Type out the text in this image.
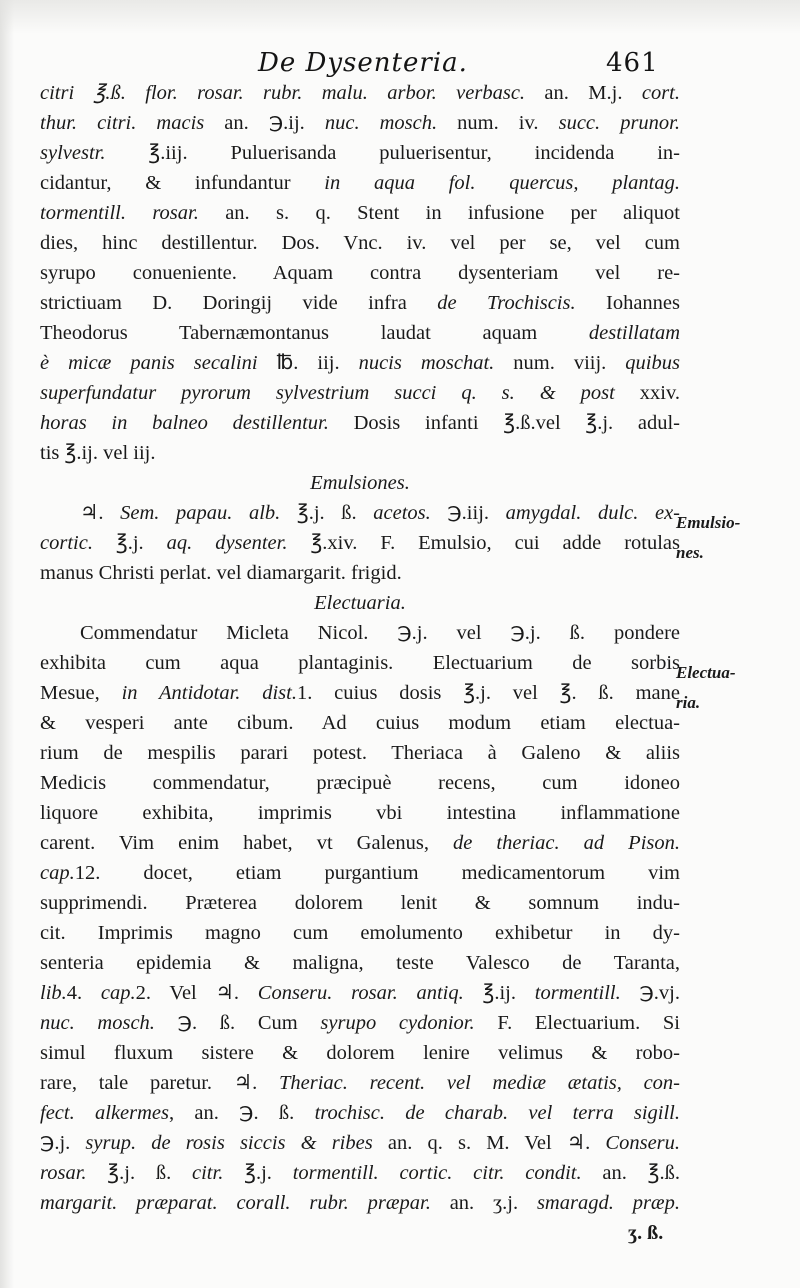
De Dysenteria.	461
citri ℥.ß. flor. rosar. rubr. malu. arbor. verbasc. an. M.j. cort.
thur. citri. macis an. ℈.ij. nuc. mosch. num. iv. succ. prunor.
sylvestr. ℥.iij. Puluerisanda puluerisentur, incidenda in-
cidantur, & infundantur in aqua fol. quercus, plantag.
tormentill. rosar. an. s. q. Stent in infusione per aliquot
dies, hinc destillentur. Dos. Vnc. iv. vel per se, vel cum
syrupo conueniente. Aquam contra dysenteriam vel re-
strictiuam D. Doringij vide infra de Trochiscis. Iohannes
Theodorus Tabernæmontanus laudat aquam destillatam
è micæ panis secalini ℔. iij. nucis moschat. num. viij. quibus
superfundatur pyrorum sylvestrium succi q. s. & post xxiv.
horas in balneo destillentur. Dosis infanti ℥.ß.vel ℥.j. adul-
tis ℥.ij. vel iij.
Emulsiones.
♃. Sem. papau. alb. ℥.j. ß. acetos. ℈.iij. amygdal. dulc. ex-
cortic. ℥.j. aq. dysenter. ℥.xiv. F. Emulsio, cui adde rotulas
manus Christi perlat. vel diamargarit. frigid.
Electuaria.
Commendatur Micleta Nicol. ℈.j. vel ℈.j. ß. pondere
exhibita cum aqua plantaginis. Electuarium de sorbis
Mesue, in Antidotar. dist.1. cuius dosis ℥.j. vel ℥. ß. mane
& vesperi ante cibum. Ad cuius modum etiam electua-
rium de mespilis parari potest. Theriaca à Galeno & aliis
Medicis commendatur, præcipuè recens, cum idoneo
liquore exhibita, imprimis vbi intestina inflammatione
carent. Vim enim habet, vt Galenus, de theriac. ad Pison.
cap.12. docet, etiam purgantium medicamentorum vim
supprimendi. Præterea dolorem lenit & somnum indu-
cit. Imprimis magno cum emolumento exhibetur in dy-
senteria epidemia & maligna, teste Valesco de Taranta,
lib.4. cap.2. Vel ♃. Conseru. rosar. antiq. ℥.ij. tormentill. ℈.vj.
nuc. mosch. ℈. ß. Cum syrupo cydonior. F. Electuarium. Si
simul fluxum sistere & dolorem lenire velimus & robo-
rare, tale paretur. ♃. Theriac. recent. vel mediæ ætatis, con-
fect. alkermes, an. ℈. ß. trochisc. de charab. vel terra sigill.
℈.j. syrup. de rosis siccis & ribes an. q. s. M. Vel ♃. Conseru.
rosar. ℥.j. ß. citr. ℥.j. tormentill. cortic. citr. condit. an. ℥.ß.
margarit. præparat. corall. rubr. præpar. an. ʒ.j. smaragd. præp.
Emulsio-
nes.
Electua-
ria.
ʒ. ß.
